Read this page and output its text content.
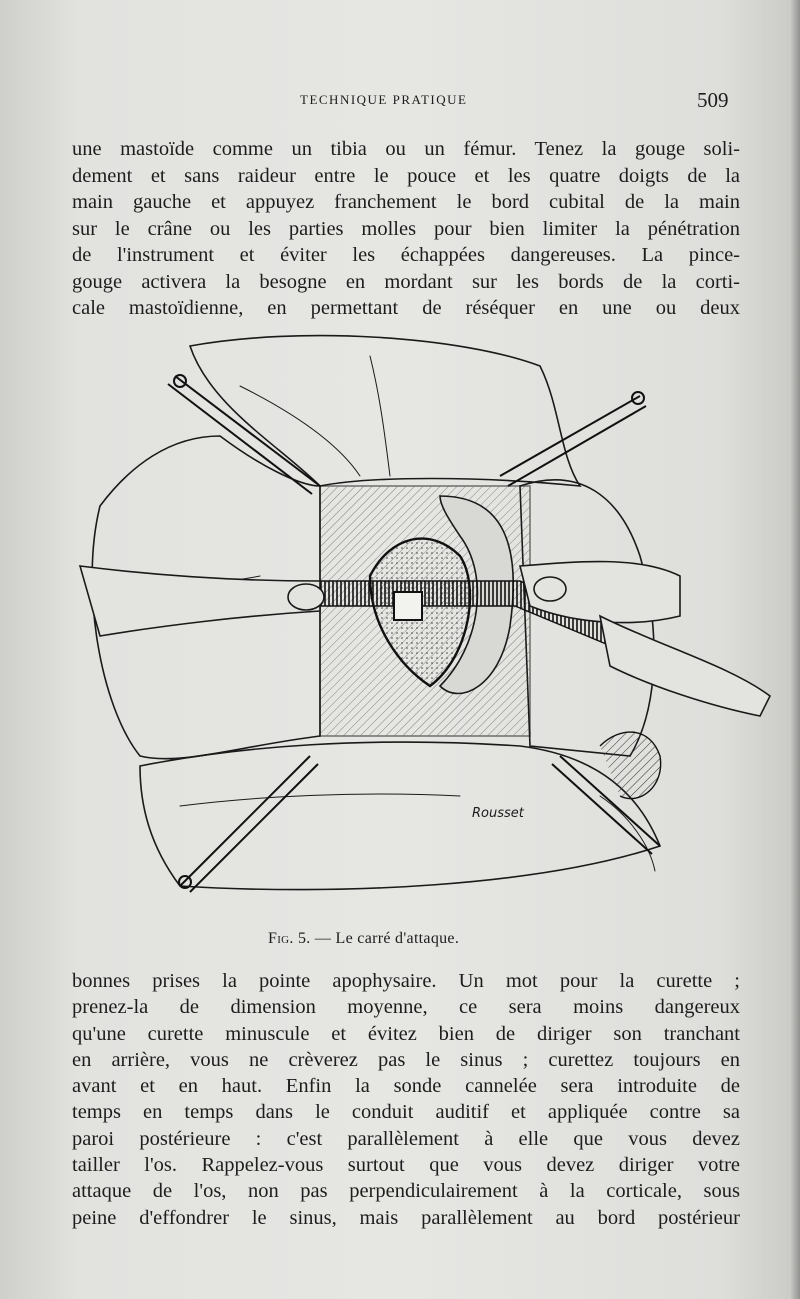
TECHNIQUE PRATIQUE	509
une mastoïde comme un tibia ou un fémur. Tenez la gouge soli-
dement et sans raideur entre le pouce et les quatre doigts de la
main gauche et appuyez franchement le bord cubital de la main
sur le crâne ou les parties molles pour bien limiter la pénétration
de l'instrument et éviter les échappées dangereuses. La pince-
gouge activera la besogne en mordant sur les bords de la corti-
cale mastoïdienne, en permettant de réséquer en une ou deux
Rousset
Fig. 5. — Le carré d'attaque.
bonnes prises la pointe apophysaire. Un mot pour la curette ;
prenez-la de dimension moyenne, ce sera moins dangereux
qu'une curette minuscule et évitez bien de diriger son tranchant
en arrière, vous ne crèverez pas le sinus ; curettez toujours en
avant et en haut. Enfin la sonde cannelée sera introduite de
temps en temps dans le conduit auditif et appliquée contre sa
paroi postérieure : c'est parallèlement à elle que vous devez
tailler l'os. Rappelez-vous surtout que vous devez diriger votre
attaque de l'os, non pas perpendiculairement à la corticale, sous
peine d'effondrer le sinus, mais parallèlement au bord postérieur
